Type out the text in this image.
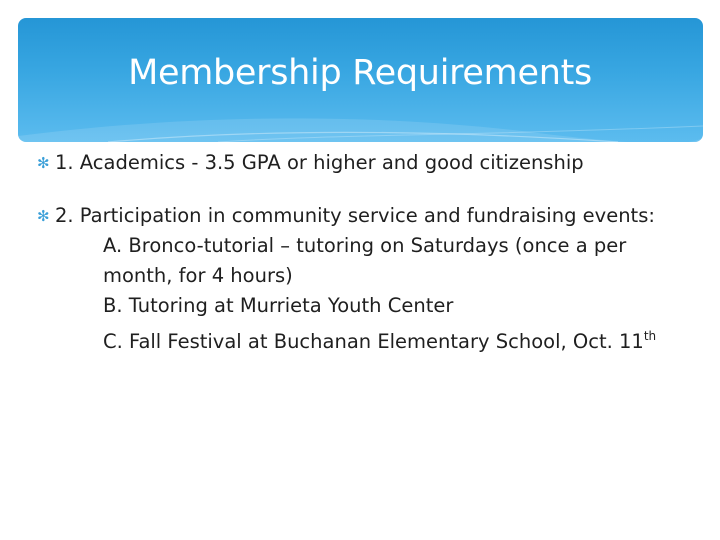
Membership Requirements
✻ 1. Academics - 3.5 GPA or higher and good citizenship
✻ 2. Participation in community service and fundraising events:
A. Bronco-tutorial – tutoring on Saturdays (once a per month, for 4 hours)
B. Tutoring at Murrieta Youth Center
C. Fall Festival at Buchanan Elementary School, Oct. 11th
